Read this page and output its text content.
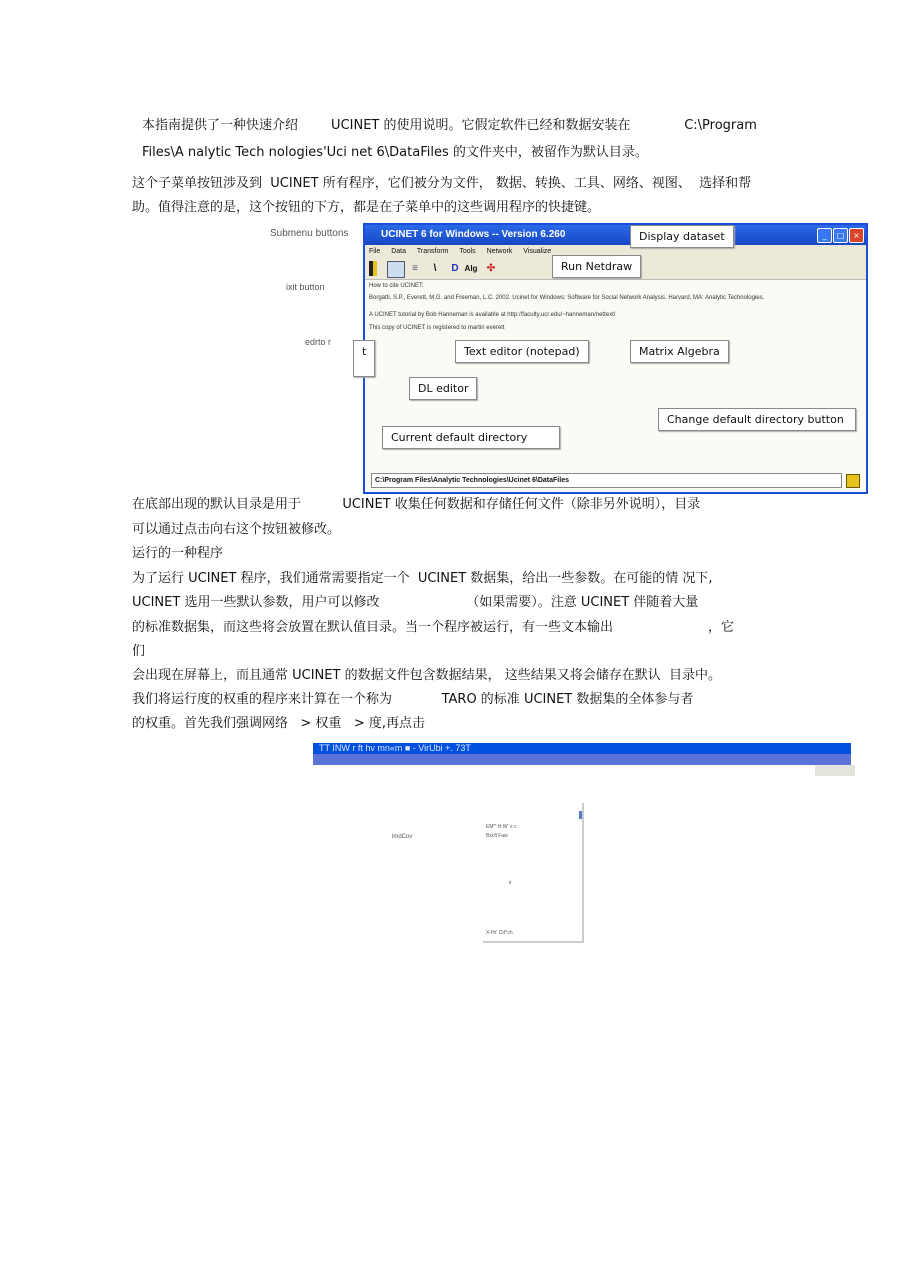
本指南提供了一种快速介绍        UCINET 的使用说明。它假定软件已经和数据安装在             C:\Program
Files\A nalytic Tech nologies'Uci net 6\DataFiles 的文件夹中，被留作为默认目录。
这个子菜单按钮涉及到  UCINET 所有程序，它们被分为文件， 数据、转换、工具、网络、视图、  选择和帮
助。值得注意的是，这个按钮的下方，都是在子菜单中的这些调用程序的快捷键。
Submenu buttons
ixit button
edrto r
UCINET 6 for Windows -- Version 6.260	_	□	×
File Data Transform Tools Network Visualize
≡	\	D Alg ✣
How to cite UCINET:
Borgatti, S.P., Everett, M.G. and Freeman, L.C. 2002. Ucinet for Windows: Software for Social Network Analysis. Harvard, MA: Analytic Technologies.
A UCINET tutorial by Bob Hanneman is available at http://faculty.ucr.edu/~hanneman/nettext/
This copy of UCINET is registered to martin everett
Display dataset
Run Netdraw
Matrix Algebra
Text editor (notepad)
DL editor
t
Current default directory
Change default directory button
C:\Program Files\Analytic Technologies\Ucinet 6\DataFiles
在底部出现的默认目录是用于          UCINET 收集任何数据和存储任何文件（除非另外说明），目录
可以通过点击向右这个按钮被修改。
运行的一种程序
为了运行 UCINET 程序，我们通常需要指定一个  UCINET 数据集，给出一些参数。在可能的情 况下,
UCINET 选用一些默认参数，用户可以修改                     （如果需要）。注意 UCINET 伴随着大量
的标准数据集，而这些将会放置在默认值目录。当一个程序被运行，有一些文本输出                       ，它
们
会出现在屏幕上，而且通常 UCINET 的数据文件包含数据结果， 这些结果又将会储存在默认  目录中。
我们将运行度的权重的程序来计算在一个称为            TARO 的标准 UCINET 数据集的全体参与者
的权重。首先我们强调网络   > 权重   > 度,再点击
TT INW r ft hv mn«m ■ - VirUbi +. 73T
lmdCov
EM''' H.W' ≡ c
Bxcfl Faw
ir
X-Hr' Cd^ch
